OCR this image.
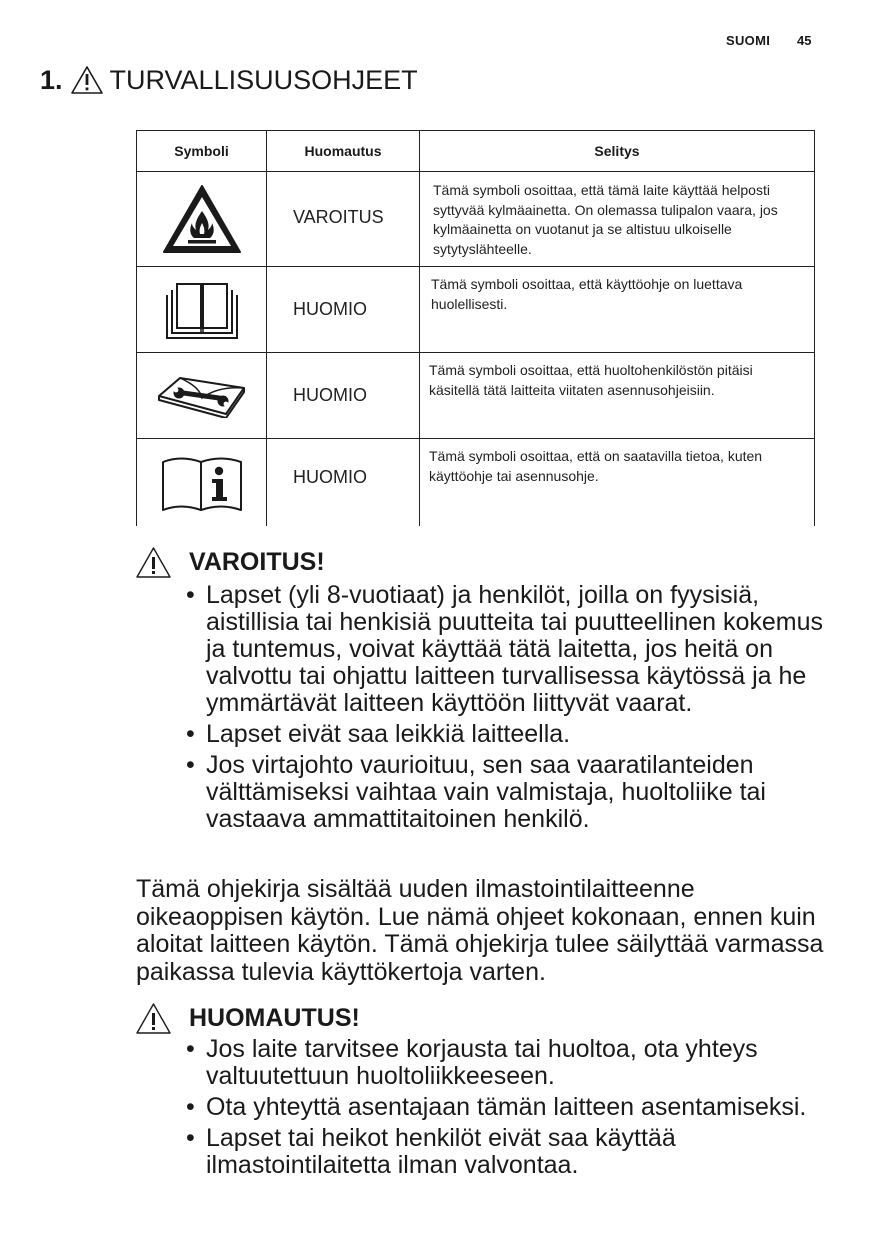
SUOMI 45
1. TURVALLISUUSOHJEET
Symboli	Huomautus	Selitys

VAROITUS	Tämä symboli osoittaa, että tämä laite käyttää helposti syttyvää kylmäainetta. On olemassa tulipalon vaara, jos kylmäainetta on vuotanut ja se altistuu ulkoiselle sytytyslähteelle.

HUOMIO	Tämä symboli osoittaa, että käyttöohje on luettava huolellisesti.

HUOMIO	Tämä symboli osoittaa, että huoltohenkilöstön pitäisi käsitellä tätä laitteita viitaten asennusohjeisiin.

HUOMIO	Tämä symboli osoittaa, että on saatavilla tietoa, kuten käyttöohje tai asennusohje.
VAROITUS!
• Lapset (yli 8-vuotiaat) ja henkilöt, joilla on fyysisiä, aistillisia tai henkisiä puutteita tai puutteellinen kokemus ja tuntemus, voivat käyttää tätä laitetta, jos heitä on valvottu tai ohjattu laitteen turvallisessa käytössä ja he ymmärtävät laitteen käyttöön liittyvät vaarat.
• Lapset eivät saa leikkiä laitteella.
• Jos virtajohto vaurioituu, sen saa vaaratilanteiden välttämiseksi vaihtaa vain valmistaja, huoltoliike tai vastaava ammattitaitoinen henkilö.

Tämä ohjekirja sisältää uuden ilmastointilaitteenne oikeaoppisen käytön. Lue nämä ohjeet kokonaan, ennen kuin aloitat laitteen käytön. Tämä ohjekirja tulee säilyttää varmassa paikassa tulevia käyttökertoja varten.

HUOMAUTUS!
• Jos laite tarvitsee korjausta tai huoltoa, ota yhteys valtuutettuun huoltoliikkeeseen.
• Ota yhteyttä asentajaan tämän laitteen asentamiseksi.
• Lapset tai heikot henkilöt eivät saa käyttää ilmastointilaitetta ilman valvontaa.
